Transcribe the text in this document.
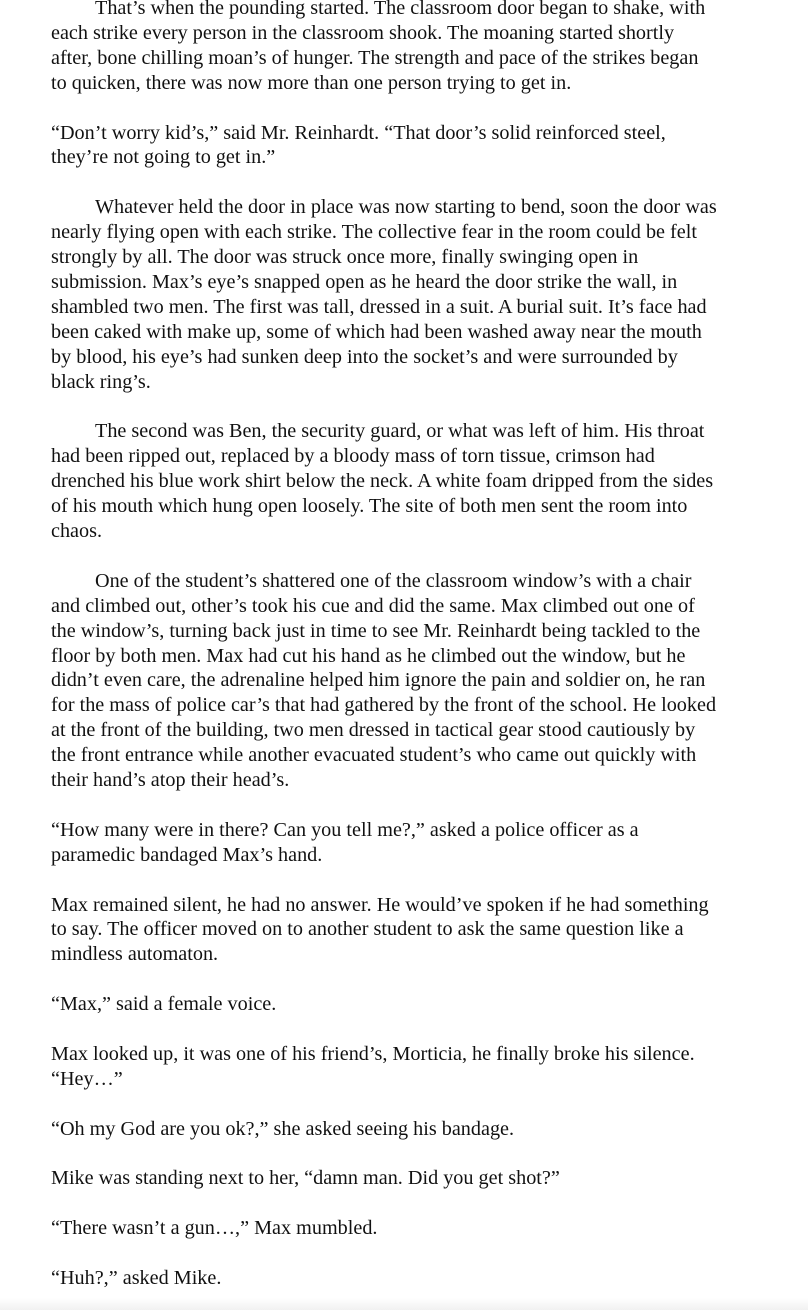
That’s when the pounding started. The classroom door began to shake, with
each strike every person in the classroom shook. The moaning started shortly
after, bone chilling moan’s of hunger. The strength and pace of the strikes began
to quicken, there was now more than one person trying to get in.

“Don’t worry kid’s,” said Mr. Reinhardt. “That door’s solid reinforced steel,
they’re not going to get in.”

Whatever held the door in place was now starting to bend, soon the door was
nearly flying open with each strike. The collective fear in the room could be felt
strongly by all. The door was struck once more, finally swinging open in
submission. Max’s eye’s snapped open as he heard the door strike the wall, in
shambled two men. The first was tall, dressed in a suit. A burial suit. It’s face had
been caked with make up, some of which had been washed away near the mouth
by blood, his eye’s had sunken deep into the socket’s and were surrounded by
black ring’s.

The second was Ben, the security guard, or what was left of him. His throat
had been ripped out, replaced by a bloody mass of torn tissue, crimson had
drenched his blue work shirt below the neck. A white foam dripped from the sides
of his mouth which hung open loosely. The site of both men sent the room into
chaos.

One of the student’s shattered one of the classroom window’s with a chair
and climbed out, other’s took his cue and did the same. Max climbed out one of
the window’s, turning back just in time to see Mr. Reinhardt being tackled to the
floor by both men. Max had cut his hand as he climbed out the window, but he
didn’t even care, the adrenaline helped him ignore the pain and soldier on, he ran
for the mass of police car’s that had gathered by the front of the school. He looked
at the front of the building, two men dressed in tactical gear stood cautiously by
the front entrance while another evacuated student’s who came out quickly with
their hand’s atop their head’s.

“How many were in there? Can you tell me?,” asked a police officer as a
paramedic bandaged Max’s hand.

Max remained silent, he had no answer. He would’ve spoken if he had something
to say. The officer moved on to another student to ask the same question like a
mindless automaton.

“Max,” said a female voice.

Max looked up, it was one of his friend’s, Morticia, he finally broke his silence.
“Hey…”

“Oh my God are you ok?,” she asked seeing his bandage.

Mike was standing next to her, “damn man. Did you get shot?”

“There wasn’t a gun…,” Max mumbled.

“Huh?,” asked Mike.
